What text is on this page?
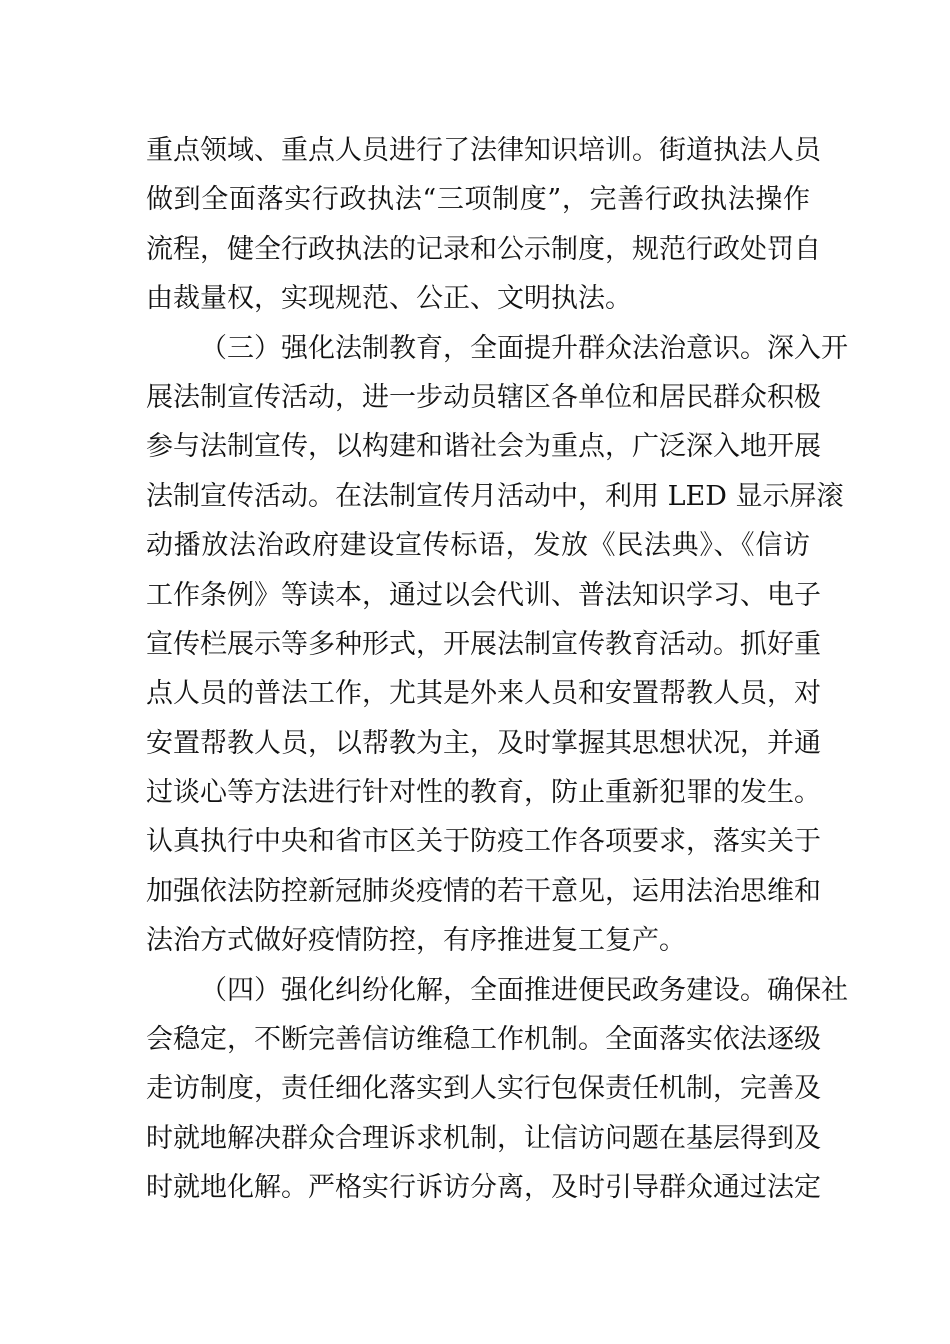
重点领域、重点人员进行了法律知识培训。街道执法人员
做到全面落实行政执法“三项制度”，完善行政执法操作
流程，健全行政执法的记录和公示制度，规范行政处罚自
由裁量权，实现规范、公正、文明执法。
（三）强化法制教育，全面提升群众法治意识。深入开
展法制宣传活动，进一步动员辖区各单位和居民群众积极
参与法制宣传，以构建和谐社会为重点，广泛深入地开展
法制宣传活动。在法制宣传月活动中，利用 LED 显示屏滚
动播放法治政府建设宣传标语，发放《民法典》、《信访
工作条例》等读本，通过以会代训、普法知识学习、电子
宣传栏展示等多种形式，开展法制宣传教育活动。抓好重
点人员的普法工作，尤其是外来人员和安置帮教人员，对
安置帮教人员，以帮教为主，及时掌握其思想状况，并通
过谈心等方法进行针对性的教育，防止重新犯罪的发生。
认真执行中央和省市区关于防疫工作各项要求，落实关于
加强依法防控新冠肺炎疫情的若干意见，运用法治思维和
法治方式做好疫情防控，有序推进复工复产。
（四）强化纠纷化解，全面推进便民政务建设。确保社
会稳定，不断完善信访维稳工作机制。全面落实依法逐级
走访制度，责任细化落实到人实行包保责任机制，完善及
时就地解决群众合理诉求机制，让信访问题在基层得到及
时就地化解。严格实行诉访分离，及时引导群众通过法定
